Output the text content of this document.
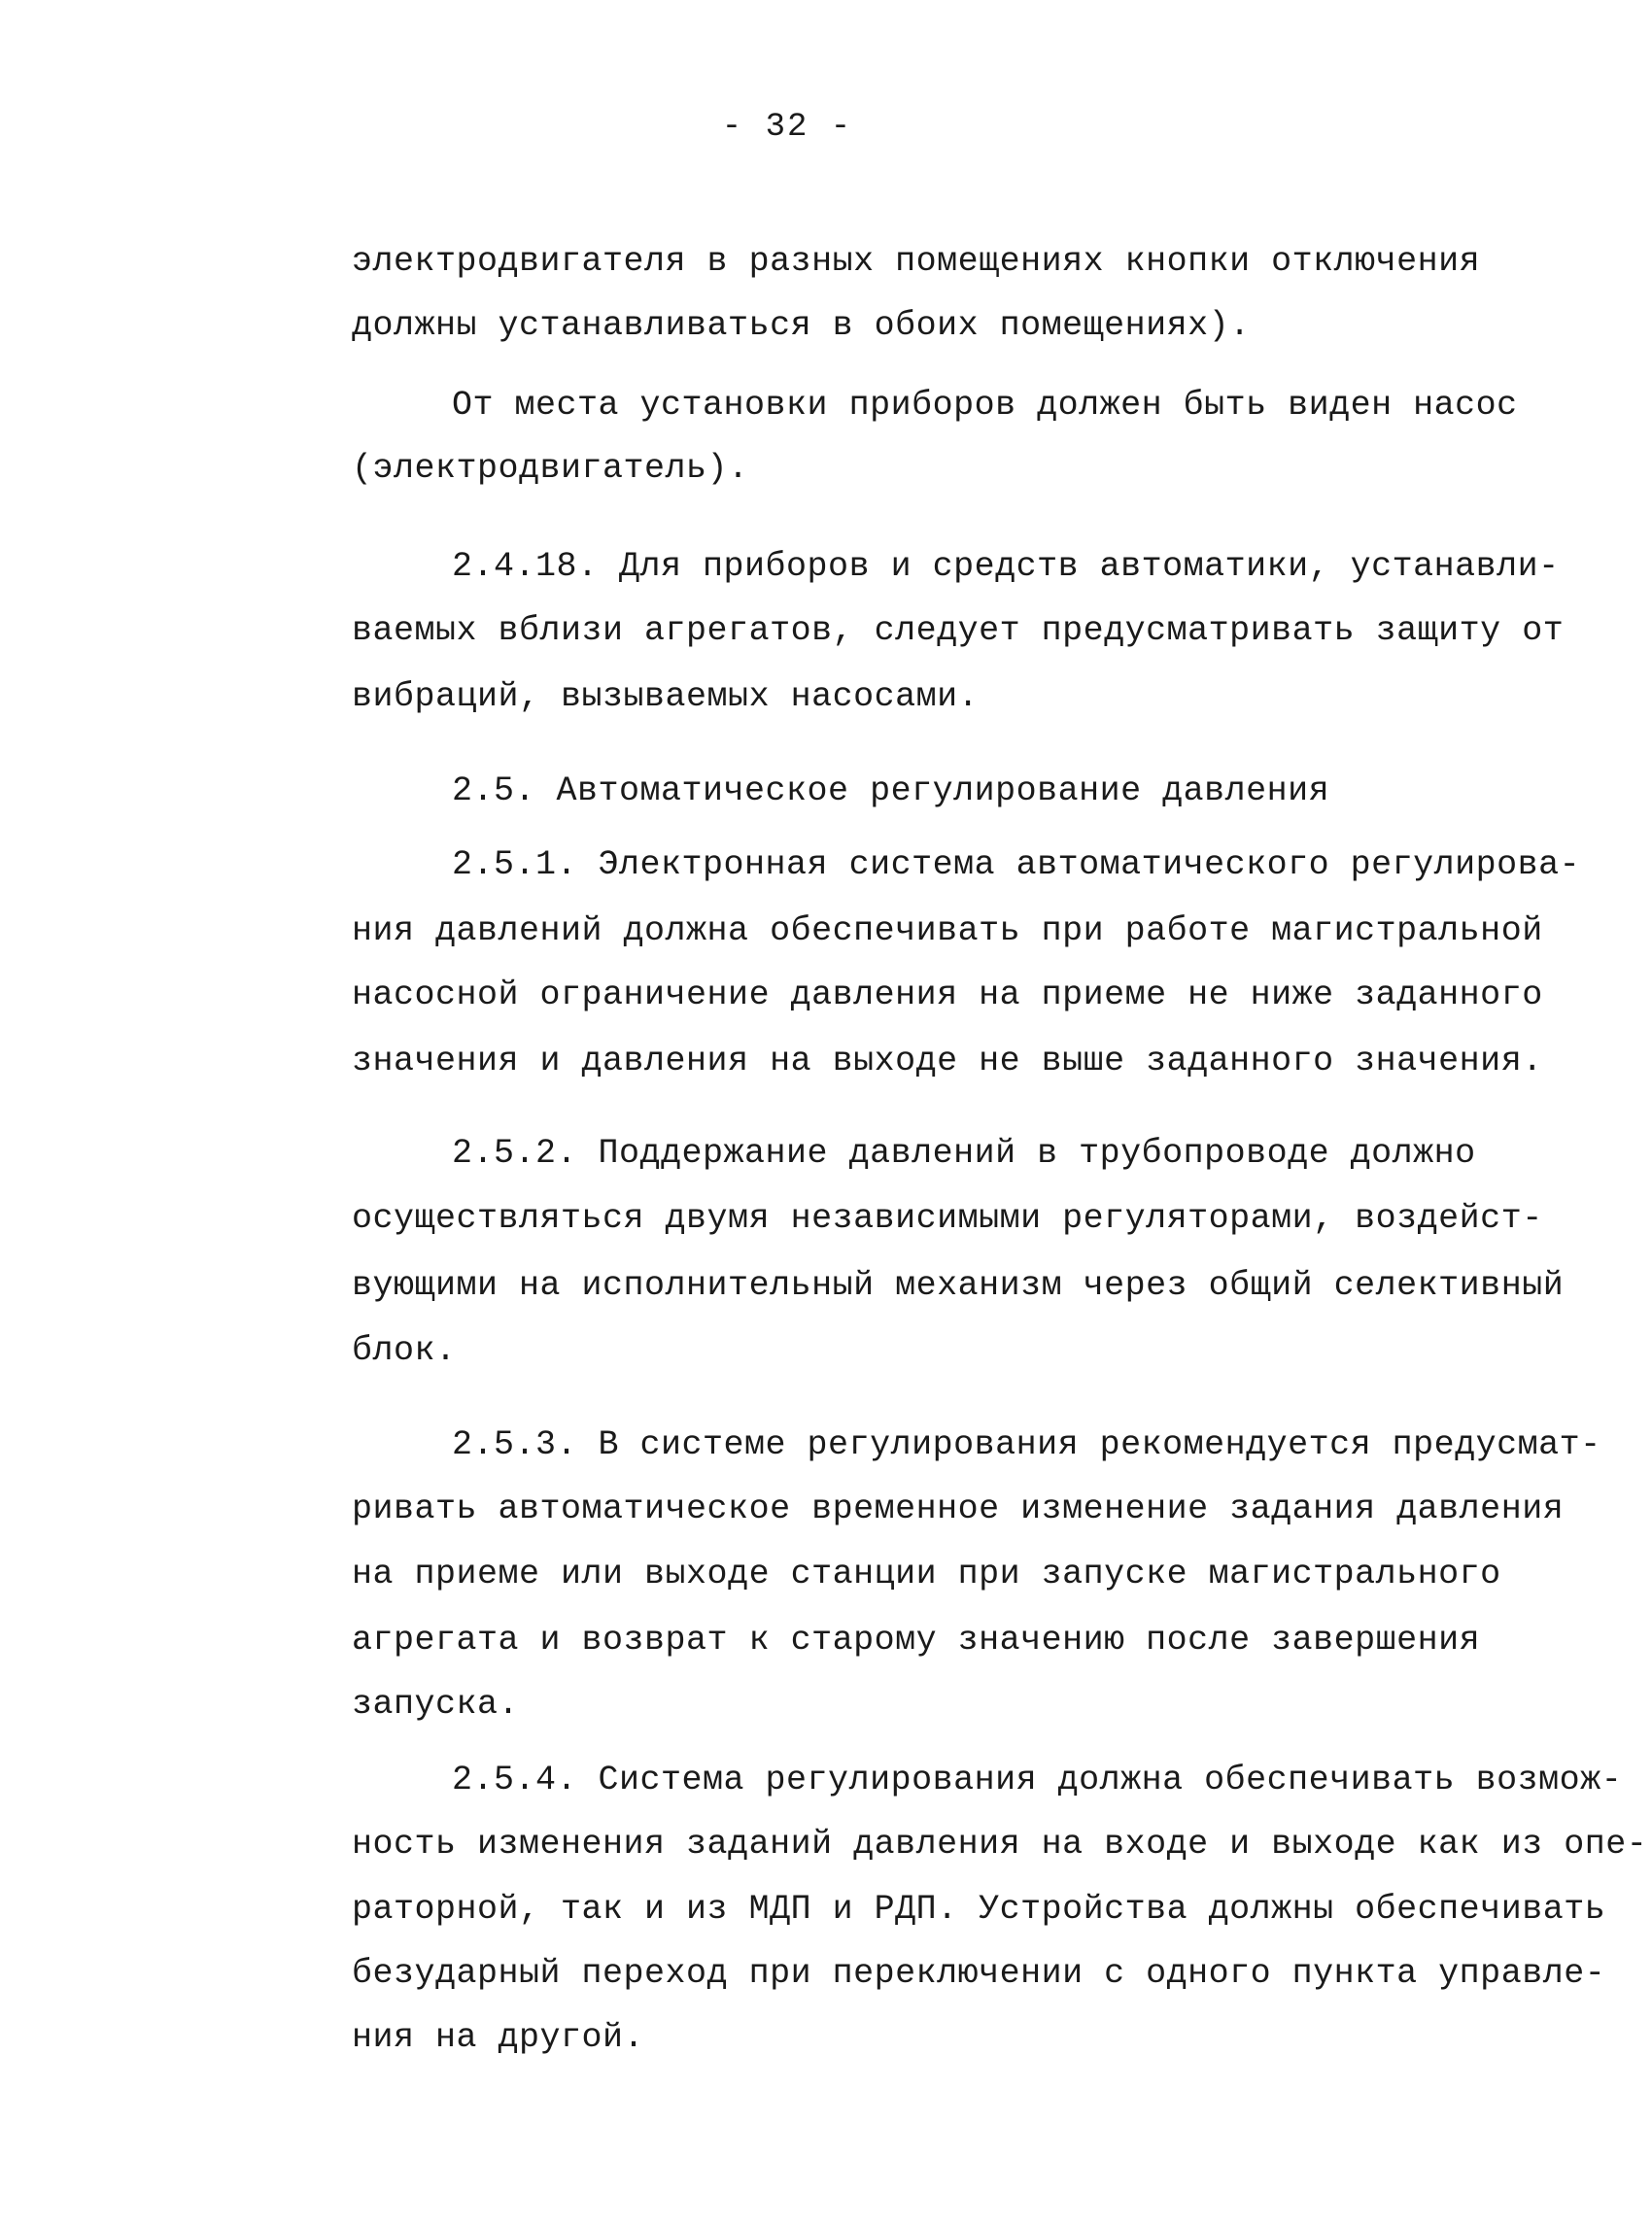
- 32 -
электродвигателя в разных помещениях кнопки отключения
должны устанавливаться в обоих помещениях).
От места установки приборов должен быть виден насос
(электродвигатель).
2.4.18. Для приборов и средств автоматики, устанавли-
ваемых вблизи агрегатов, следует предусматривать защиту от
вибраций, вызываемых насосами.
2.5. Автоматическое регулирование давления
2.5.1. Электронная система автоматического регулирова-
ния давлений должна обеспечивать при работе магистральной
насосной ограничение давления на приеме не ниже заданного
значения и давления на выходе не выше заданного значения.
2.5.2. Поддержание давлений в трубопроводе должно
осуществляться двумя независимыми регуляторами, воздейст-
вующими на исполнительный механизм через общий селективный
блок.
2.5.3. В системе регулирования рекомендуется предусмат-
ривать автоматическое временное изменение задания давления
на приеме или выходе станции при запуске магистрального
агрегата и возврат к старому значению после завершения
запуска.
2.5.4. Система регулирования должна обеспечивать возмож-
ность изменения заданий давления на входе и выходе как из опе-
раторной, так и из МДП и РДП. Устройства должны обеспечивать
безударный переход при переключении с одного пункта управле-
ния на другой.
